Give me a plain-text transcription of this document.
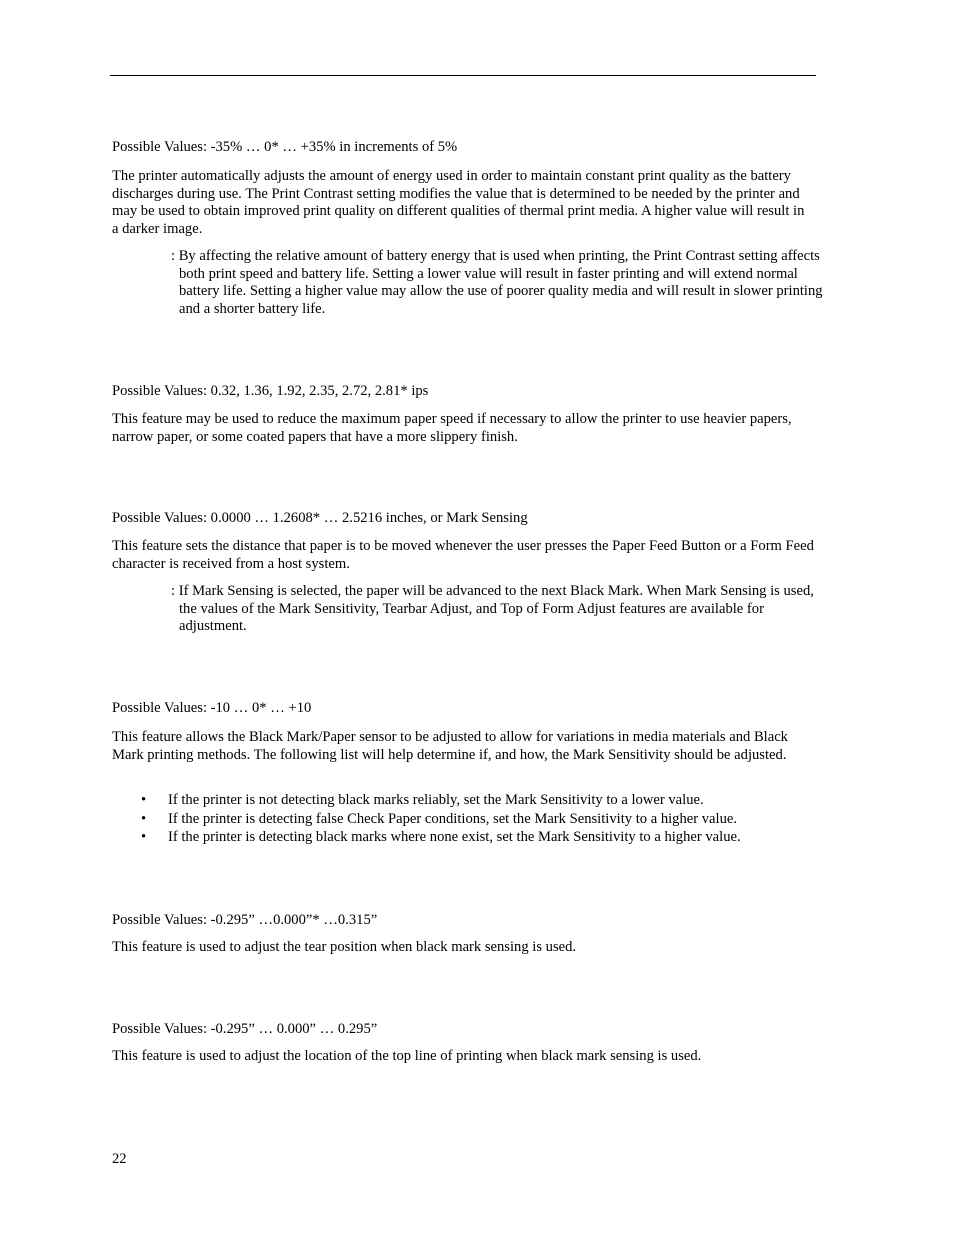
Possible Values: -35% … 0* … +35% in increments of 5%

The printer automatically adjusts the amount of energy used in order to maintain constant print quality as the battery discharges during use. The Print Contrast setting modifies the value that is determined to be needed by the printer and may be used to obtain improved print quality on different qualities of thermal print media. A higher value will result in a darker image.

: By affecting the relative amount of battery energy that is used when printing, the Print Contrast setting affects both print speed and battery life. Setting a lower value will result in faster printing and will extend normal battery life. Setting a higher value may allow the use of poorer quality media and will result in slower printing and a shorter battery life.

Possible Values: 0.32, 1.36, 1.92, 2.35, 2.72, 2.81* ips

This feature may be used to reduce the maximum paper speed if necessary to allow the printer to use heavier papers, narrow paper, or some coated papers that have a more slippery finish.

Possible Values: 0.0000 … 1.2608* … 2.5216 inches, or Mark Sensing

This feature sets the distance that paper is to be moved whenever the user presses the Paper Feed Button or a Form Feed character is received from a host system.

: If Mark Sensing is selected, the paper will be advanced to the next Black Mark. When Mark Sensing is used, the values of the Mark Sensitivity, Tearbar Adjust, and Top of Form Adjust features are available for adjustment.

Possible Values: -10 … 0* … +10

This feature allows the Black Mark/Paper sensor to be adjusted to allow for variations in media materials and Black Mark printing methods. The following list will help determine if, and how, the Mark Sensitivity should be adjusted.

• If the printer is not detecting black marks reliably, set the Mark Sensitivity to a lower value.
• If the printer is detecting false Check Paper conditions, set the Mark Sensitivity to a higher value.
• If the printer is detecting black marks where none exist, set the Mark Sensitivity to a higher value.

Possible Values: -0.295” …0.000”* …0.315”

This feature is used to adjust the tear position when black mark sensing is used.

Possible Values: -0.295” … 0.000” … 0.295”

This feature is used to adjust the location of the top line of printing when black mark sensing is used.

22
